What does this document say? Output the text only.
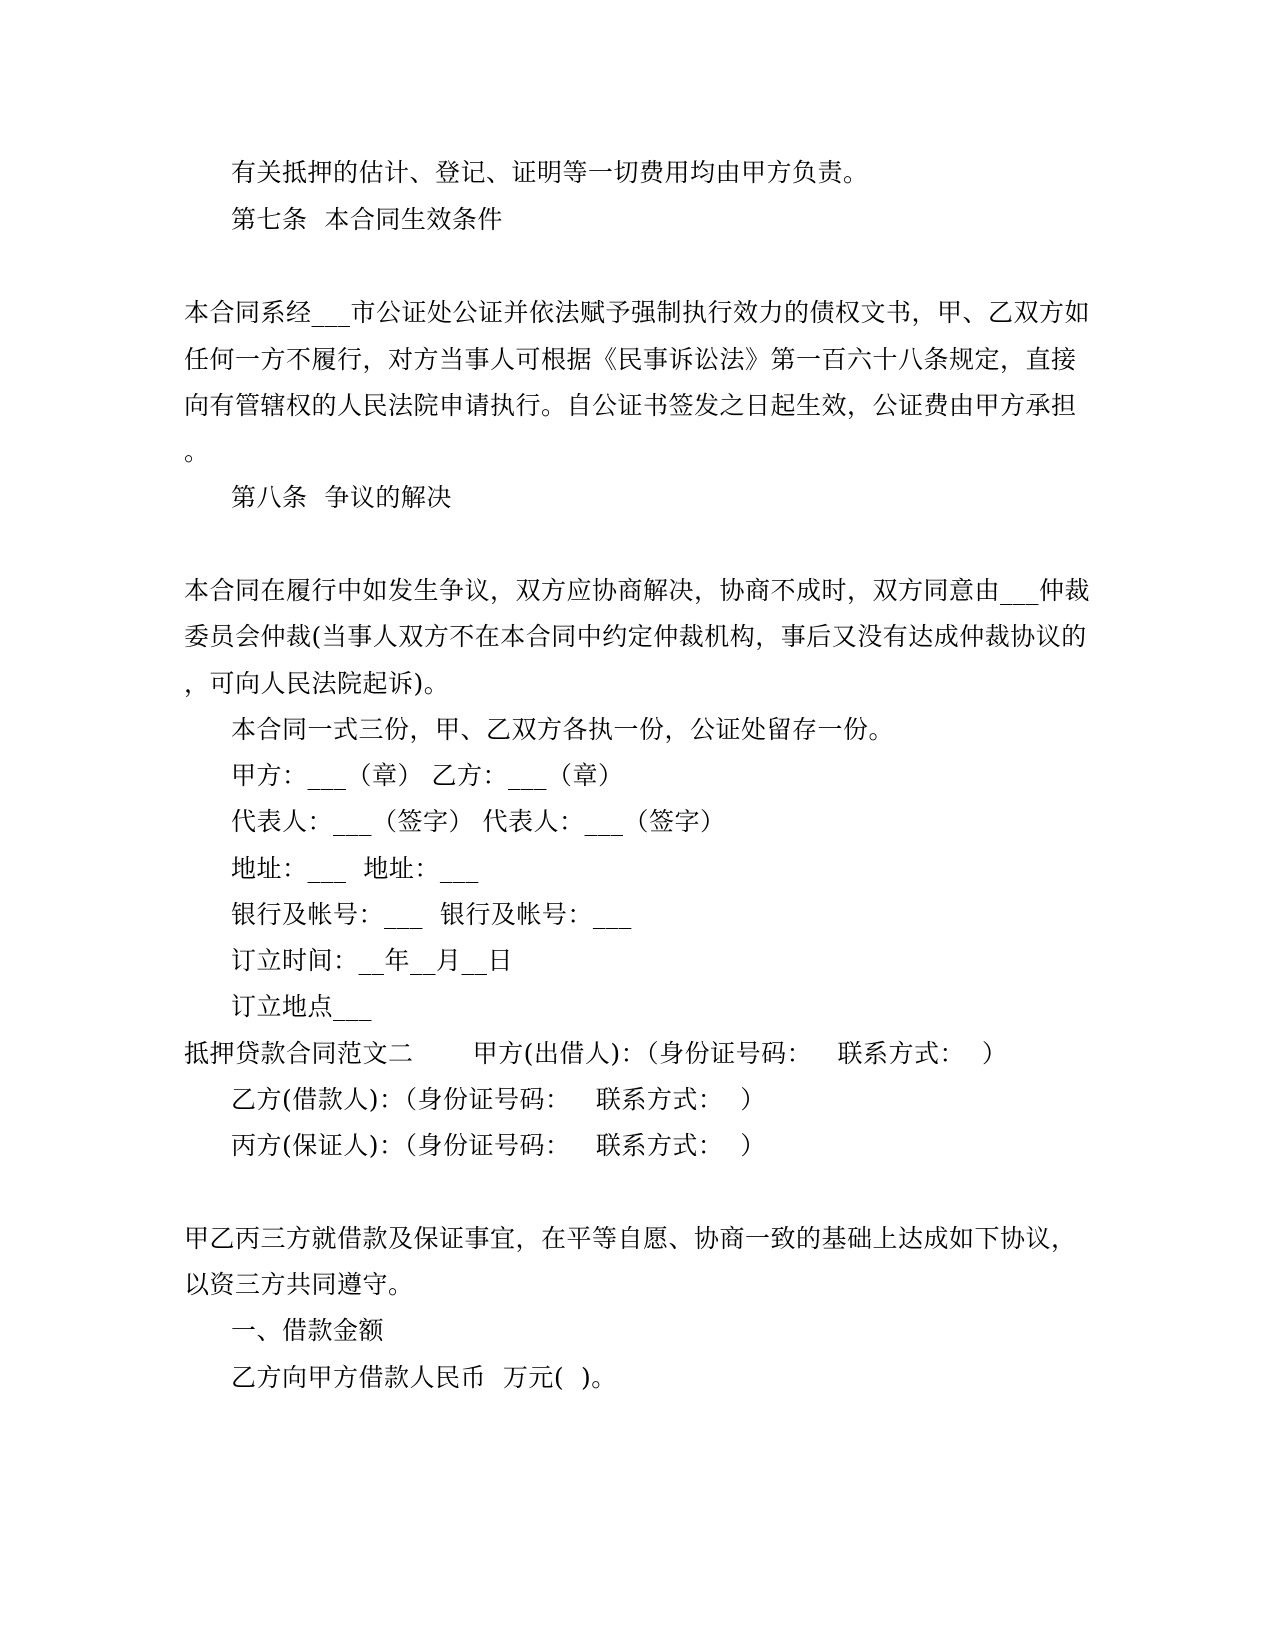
有关抵押的估计、登记、证明等一切费用均由甲方负责。
第七条  本合同生效条件
本合同系经___市公证处公证并依法赋予强制执行效力的债权文书，甲、乙双方如
任何一方不履行，对方当事人可根据《民事诉讼法》第一百六十八条规定，直接
向有管辖权的人民法院申请执行。自公证书签发之日起生效，公证费由甲方承担
。
第八条  争议的解决
本合同在履行中如发生争议，双方应协商解决，协商不成时，双方同意由___仲裁
委员会仲裁(当事人双方不在本合同中约定仲裁机构，事后又没有达成仲裁协议的
，可向人民法院起诉)。
本合同一式三份，甲、乙双方各执一份，公证处留存一份。
甲方：___（章） 乙方：___（章）
代表人：___（签字） 代表人：___（签字）
地址：___  地址：___
银行及帐号：___  银行及帐号：___
订立时间：__年__月__日
订立地点___
抵押贷款合同范文二       甲方(出借人)：（身份证号码：   联系方式：  ）
乙方(借款人)：（身份证号码：   联系方式：  ）
丙方(保证人)：（身份证号码：   联系方式：  ）
甲乙丙三方就借款及保证事宜，在平等自愿、协商一致的基础上达成如下协议，
以资三方共同遵守。
一、借款金额
乙方向甲方借款人民币  万元(  )。
